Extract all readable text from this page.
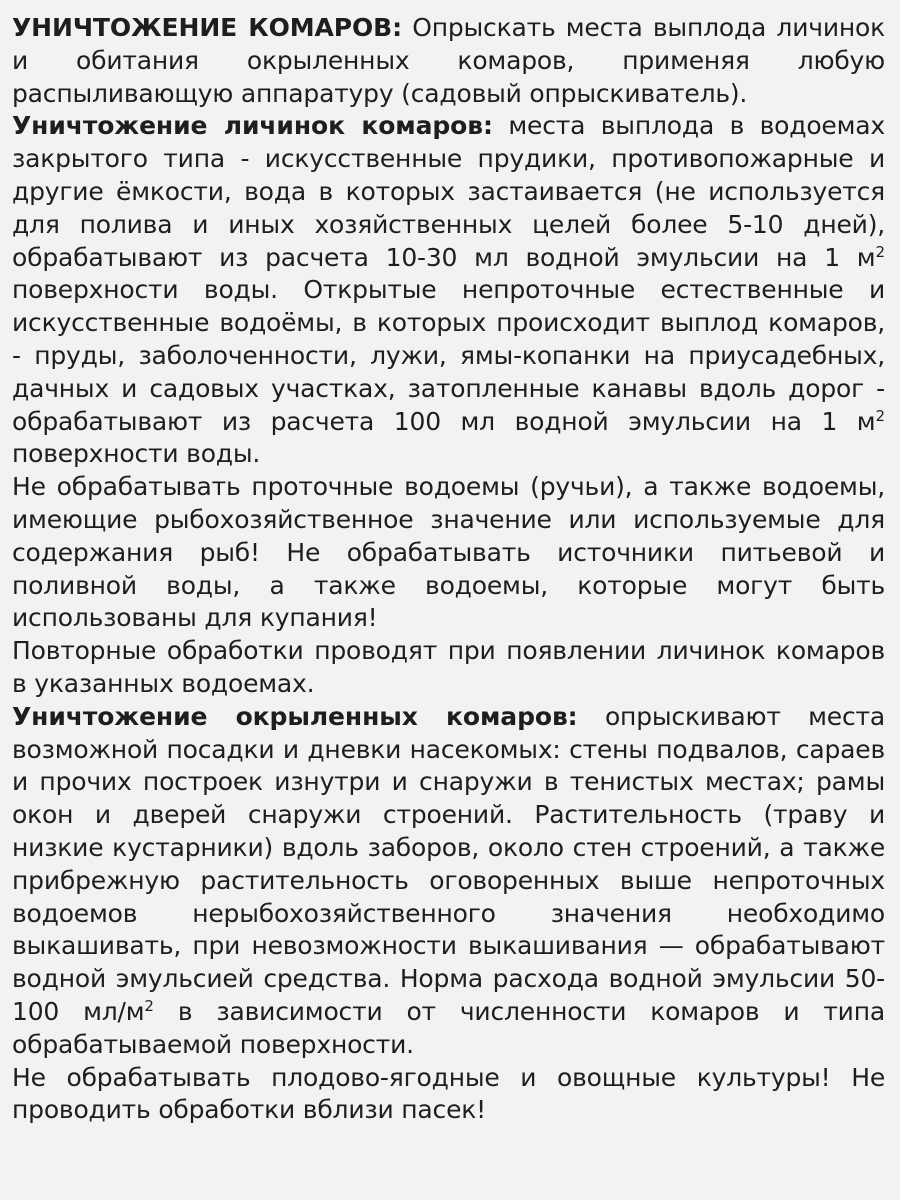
УНИЧТОЖЕНИЕ КОМАРОВ: Опрыскать места выплода личинок и обитания окрыленных комаров, применяя любую распыливающую аппаратуру (садовый опрыскиватель).

Уничтожение личинок комаров: места выплода в водоемах закрытого типа - искусственные прудики, противопожарные и другие ёмкости, вода в которых застаивается (не используется для полива и иных хозяйственных целей более 5-10 дней), обрабатывают из расчета 10-30 мл водной эмульсии на 1 $м^2$ поверхности воды. Открытые непроточные естественные и искусственные водоёмы, в которых происходит выплод комаров, - пруды, заболоченности, лужи, ямы-копанки на приусадебных, дачных и садовых участках, затопленные канавы вдоль дорог - обрабатывают из расчета 100 мл водной эмульсии на 1 $м^2$ поверхности воды.

Не обрабатывать проточные водоемы (ручьи), а также водоемы, имеющие рыбохозяйственное значение или используемые для содержания рыб! Не обрабатывать источники питьевой и поливной воды, а также водоемы, которые могут быть использованы для купания!

Повторные обработки проводят при появлении личинок комаров в указанных водоемах.

Уничтожение окрыленных комаров: опрыскивают места возможной посадки и дневки насекомых: стены подвалов, сараев и прочих построек изнутри и снаружи в тенистых местах; рамы окон и дверей снаружи строений. Растительность (траву и низкие кустарники) вдоль заборов, около стен строений, а также прибрежную растительность оговоренных выше непроточных водоемов нерыбохозяйственного значения необходимо выкашивать, при невозможности выкашивания — обрабатывают водной эмульсией средства. Норма расхода водной эмульсии 50-100 $мл/м^2$ в зависимости от численности комаров и типа обрабатываемой поверхности.

Не обрабатывать плодово-ягодные и овощные культуры! Не проводить обработки вблизи пасек!
